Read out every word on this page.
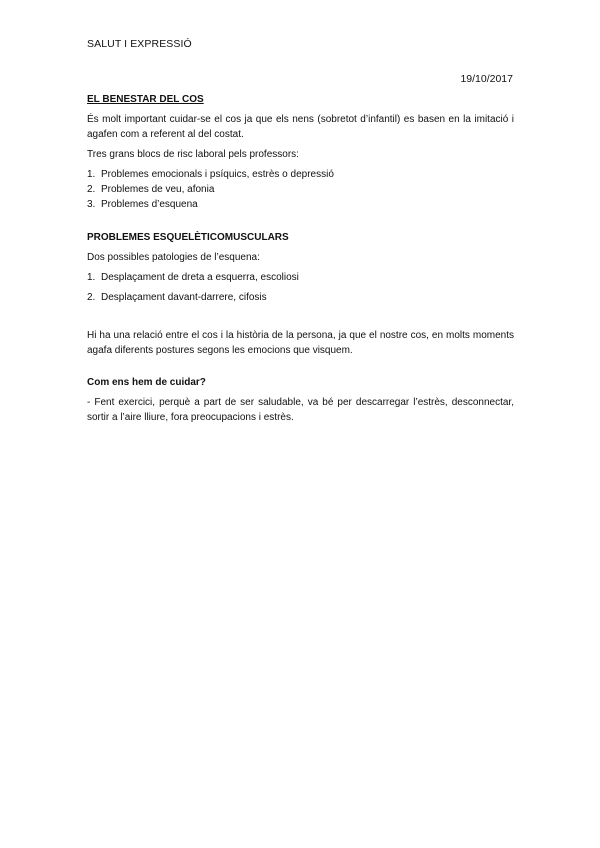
SALUT I EXPRESSIÓ
19/10/2017
EL BENESTAR DEL COS

És molt important cuidar-se el cos ja que els nens (sobretot d’infantil) es basen en la imitació i agafen com a referent al del costat.

Tres grans blocs de risc laboral pels professors:

1. Problemes emocionals i psíquics, estrès o depressió
2. Problemes de veu, afonia
3. Problemes d’esquena
PROBLEMES ESQUELÈTICOMUSCULARS

Dos possibles patologies de l’esquena:

1. Desplaçament de dreta a esquerra, escoliosi
2. Desplaçament davant-darrere, cifosis

Hi ha una relació entre el cos i la història de la persona, ja que el nostre cos, en molts moments agafa diferents postures segons les emocions que visquem.

Com ens hem de cuidar?

- Fent exercici, perquè a part de ser saludable, va bé per descarregar l’estrès, desconnectar, sortir a l’aire lliure, fora preocupacions i estrès.
